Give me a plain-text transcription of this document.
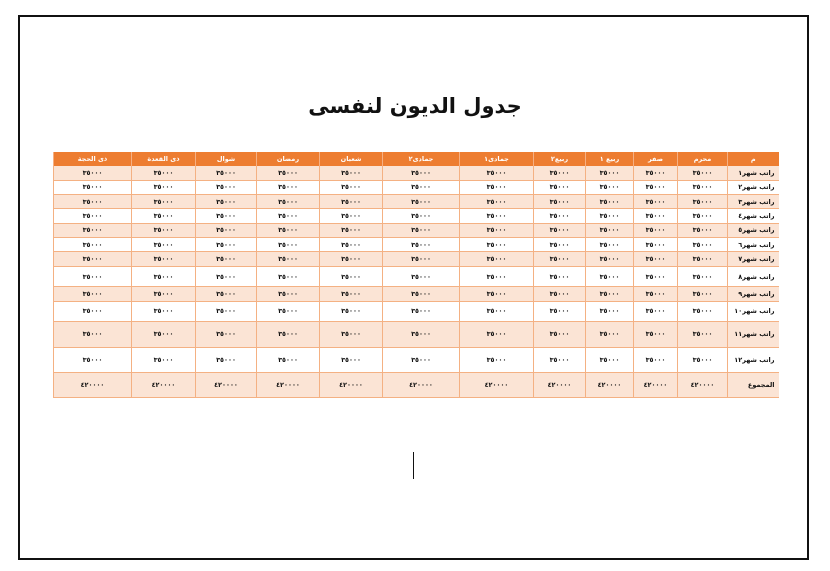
جدول الديون لنفسى
م	محرم	صفر	ربيع ١	ربيع٢	جمادى١	جمادى٢	شعبان	رمضان	شوال	ذى القعدة	ذى الحجة
راتب شهر١	٣٥٠٠٠	٣٥٠٠٠	٣٥٠٠٠	٣٥٠٠٠	٣٥٠٠٠	٣٥٠٠٠	٣٥٠٠٠	٣٥٠٠٠	٣٥٠٠٠	٣٥٠٠٠	٣٥٠٠٠
راتب شهر٢	٣٥٠٠٠	٣٥٠٠٠	٣٥٠٠٠	٣٥٠٠٠	٣٥٠٠٠	٣٥٠٠٠	٣٥٠٠٠	٣٥٠٠٠	٣٥٠٠٠	٣٥٠٠٠	٣٥٠٠٠
راتب شهر٣	٣٥٠٠٠	٣٥٠٠٠	٣٥٠٠٠	٣٥٠٠٠	٣٥٠٠٠	٣٥٠٠٠	٣٥٠٠٠	٣٥٠٠٠	٣٥٠٠٠	٣٥٠٠٠	٣٥٠٠٠
راتب شهر٤	٣٥٠٠٠	٣٥٠٠٠	٣٥٠٠٠	٣٥٠٠٠	٣٥٠٠٠	٣٥٠٠٠	٣٥٠٠٠	٣٥٠٠٠	٣٥٠٠٠	٣٥٠٠٠	٣٥٠٠٠
راتب شهر٥	٣٥٠٠٠	٣٥٠٠٠	٣٥٠٠٠	٣٥٠٠٠	٣٥٠٠٠	٣٥٠٠٠	٣٥٠٠٠	٣٥٠٠٠	٣٥٠٠٠	٣٥٠٠٠	٣٥٠٠٠
راتب شهر٦	٣٥٠٠٠	٣٥٠٠٠	٣٥٠٠٠	٣٥٠٠٠	٣٥٠٠٠	٣٥٠٠٠	٣٥٠٠٠	٣٥٠٠٠	٣٥٠٠٠	٣٥٠٠٠	٣٥٠٠٠
راتب شهر٧	٣٥٠٠٠	٣٥٠٠٠	٣٥٠٠٠	٣٥٠٠٠	٣٥٠٠٠	٣٥٠٠٠	٣٥٠٠٠	٣٥٠٠٠	٣٥٠٠٠	٣٥٠٠٠	٣٥٠٠٠
راتب شهر٨	٣٥٠٠٠	٣٥٠٠٠	٣٥٠٠٠	٣٥٠٠٠	٣٥٠٠٠	٣٥٠٠٠	٣٥٠٠٠	٣٥٠٠٠	٣٥٠٠٠	٣٥٠٠٠	٣٥٠٠٠
راتب شهر٩	٣٥٠٠٠	٣٥٠٠٠	٣٥٠٠٠	٣٥٠٠٠	٣٥٠٠٠	٣٥٠٠٠	٣٥٠٠٠	٣٥٠٠٠	٣٥٠٠٠	٣٥٠٠٠	٣٥٠٠٠
راتب شهر١٠	٣٥٠٠٠	٣٥٠٠٠	٣٥٠٠٠	٣٥٠٠٠	٣٥٠٠٠	٣٥٠٠٠	٣٥٠٠٠	٣٥٠٠٠	٣٥٠٠٠	٣٥٠٠٠	٣٥٠٠٠
راتب شهر١١	٣٥٠٠٠	٣٥٠٠٠	٣٥٠٠٠	٣٥٠٠٠	٣٥٠٠٠	٣٥٠٠٠	٣٥٠٠٠	٣٥٠٠٠	٣٥٠٠٠	٣٥٠٠٠	٣٥٠٠٠
راتب شهر١٢	٣٥٠٠٠	٣٥٠٠٠	٣٥٠٠٠	٣٥٠٠٠	٣٥٠٠٠	٣٥٠٠٠	٣٥٠٠٠	٣٥٠٠٠	٣٥٠٠٠	٣٥٠٠٠	٣٥٠٠٠
المجموع	٤٢٠٠٠٠	٤٢٠٠٠٠	٤٢٠٠٠٠	٤٢٠٠٠٠	٤٢٠٠٠٠	٤٢٠٠٠٠	٤٢٠٠٠٠	٤٢٠٠٠٠	٤٢٠٠٠٠	٤٢٠٠٠٠	٤٢٠٠٠٠
